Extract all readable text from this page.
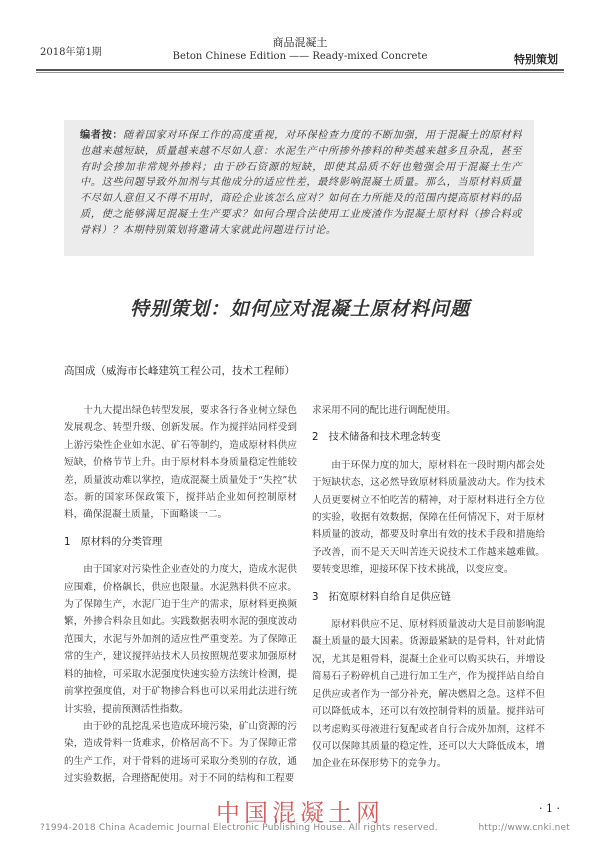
2018年第1期
商品混凝土
Beton Chinese Edition —— Ready-mixed Concrete	特别策划
编者按：随着国家对环保工作的高度重视，对环保检查力度的不断加强，用于混凝土的原材料也越来越短缺，质量越来越不尽如人意：水泥生产中所掺外掺料的种类越来越多且杂乱，甚至有时会掺加非常规外掺料；由于砂石资源的短缺，即使其品质不好也勉强会用于混凝土生产中。这些问题导致外加剂与其他成分的适应性差，最终影响混凝土质量。那么，当原材料质量不尽如人意但又不得不用时，商砼企业该怎么应对？如何在力所能及的范围内提高原材料的品质，使之能够满足混凝土生产要求？如何合理合法使用工业废渣作为混凝土原材料（掺合料或骨料）？本期特别策划将邀请大家就此问题进行讨论。
特别策划：如何应对混凝土原材料问题
高国成（威海市长峰建筑工程公司，技术工程师）

十九大提出绿色转型发展，要求各行各业树立绿色发展观念、转型升级、创新发展。作为搅拌站同样受到上游污染性企业如水泥、矿石等制约，造成原材料供应短缺，价格节节上升。由于原材料本身质量稳定性能较差，质量波动难以掌控，造成混凝土质量处于“失控”状态。新的国家环保政策下，搅拌站企业如何控制原材料，确保混凝土质量，下面略谈一二。

1　原材料的分类管理

由于国家对污染性企业查处的力度大，造成水泥供应围难，价格飙长，供应也限量。水泥熟料供不应求。为了保障生产，水泥厂迫于生产的需求，原材料更换频繁，外掺合料杂且如此。实践数据表明水泥的强度波动范围大，水泥与外加剂的适应性严重变差。为了保障正常的生产，建议搅拌站技术人员按照规范要求加强原材料的抽检，可采取水泥强度快速实验方法统计检测，提前掌控强度值，对于矿物掺合料也可以采用此法进行统计实验，提前预测活性指数。

由于砂的乱挖乱采也造成环境污染，矿山资源的污染，造成骨料一货难求，价格居高不下。为了保障正常的生产工作，对于骨料的进场可采取分类别的存放，通过实验数据，合理搭配使用。对于不同的结构和工程要

求采用不同的配比进行调配使用。

2　技术储备和技术理念转变

由于环保力度的加大，原材料在一段时期内都会处于短缺状态，这必然导致原材料质量波动大。作为技术人员更要树立不怕吃苦的精神，对于原材料进行全方位的实验，收据有效数据，保障在任何情况下，对于原材料质量的波动，都要及时拿出有效的技术手段和措施给予改善，而不是天天叫苦连天说技术工作越来越难做。要转变思维，迎接环保下技术挑战，以变应变。

3　拓宽原材料自给自足供应链

原材料供应不足、原材料质量波动大是目前影响混凝土质量的最大因素。货源最紧缺的是骨料，针对此情况，尤其是粗骨料，混凝土企业可以购买块石，并增设简易石子粉碎机自己进行加工生产，作为搅拌站自给自足供应或者作为一部分补充，解决燃眉之急。这样不但可以降低成本，还可以有效控制骨料的质量。搅拌站可以考虑购买母液进行复配或者自行合成外加剂，这样不仅可以保障其质量的稳定性，还可以大大降低成本，增加企业在环保形势下的竞争力。

中国混凝土网	· 1 ·
?1994-2018 China Academic Journal Electronic Publishing House. All rights reserved.	http://www.cnki.net
